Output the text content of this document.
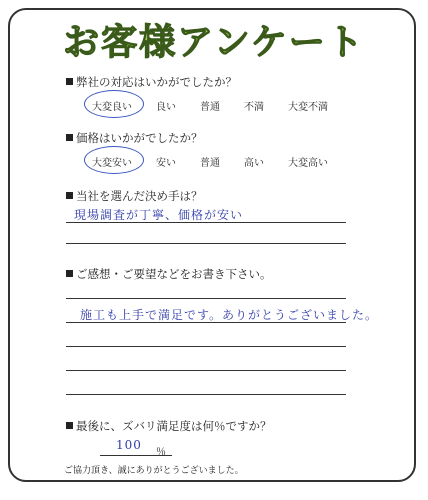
お客様アンケート
弊社の対応はいかがでしたか？
大変良い 良い 普通 不満 大変不満
価格はいかがでしたか？
大変安い 安い 普通 高い 大変高い
当社を選んだ決め手は？
現場調査が丁寧、価格が安い
ご感想・ご要望などをお書き下さい。
施工も上手で満足です。ありがとうございました。
最後に、ズバリ満足度は何％ですか？
100
％
ご協力頂き、誠にありがとうございました。
